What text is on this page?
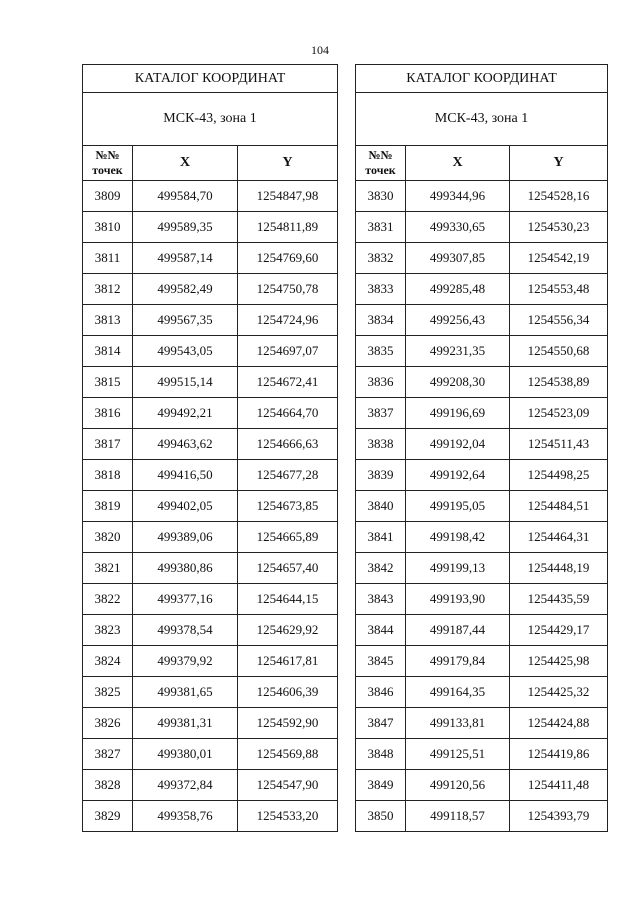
104
КАТАЛОГ КООРДИНАТ		
МСК-43, зона 1		
№№ точек	X	Y
3809	499584,70	1254847,98
3810	499589,35	1254811,89
3811	499587,14	1254769,60
3812	499582,49	1254750,78
3813	499567,35	1254724,96
3814	499543,05	1254697,07
3815	499515,14	1254672,41
3816	499492,21	1254664,70
3817	499463,62	1254666,63
3818	499416,50	1254677,28
3819	499402,05	1254673,85
3820	499389,06	1254665,89
3821	499380,86	1254657,40
3822	499377,16	1254644,15
3823	499378,54	1254629,92
3824	499379,92	1254617,81
3825	499381,65	1254606,39
3826	499381,31	1254592,90
3827	499380,01	1254569,88
3828	499372,84	1254547,90
3829	499358,76	1254533,20
КАТАЛОГ КООРДИНАТ		
МСК-43, зона 1		
№№ точек	X	Y
3830	499344,96	1254528,16
3831	499330,65	1254530,23
3832	499307,85	1254542,19
3833	499285,48	1254553,48
3834	499256,43	1254556,34
3835	499231,35	1254550,68
3836	499208,30	1254538,89
3837	499196,69	1254523,09
3838	499192,04	1254511,43
3839	499192,64	1254498,25
3840	499195,05	1254484,51
3841	499198,42	1254464,31
3842	499199,13	1254448,19
3843	499193,90	1254435,59
3844	499187,44	1254429,17
3845	499179,84	1254425,98
3846	499164,35	1254425,32
3847	499133,81	1254424,88
3848	499125,51	1254419,86
3849	499120,56	1254411,48
3850	499118,57	1254393,79
